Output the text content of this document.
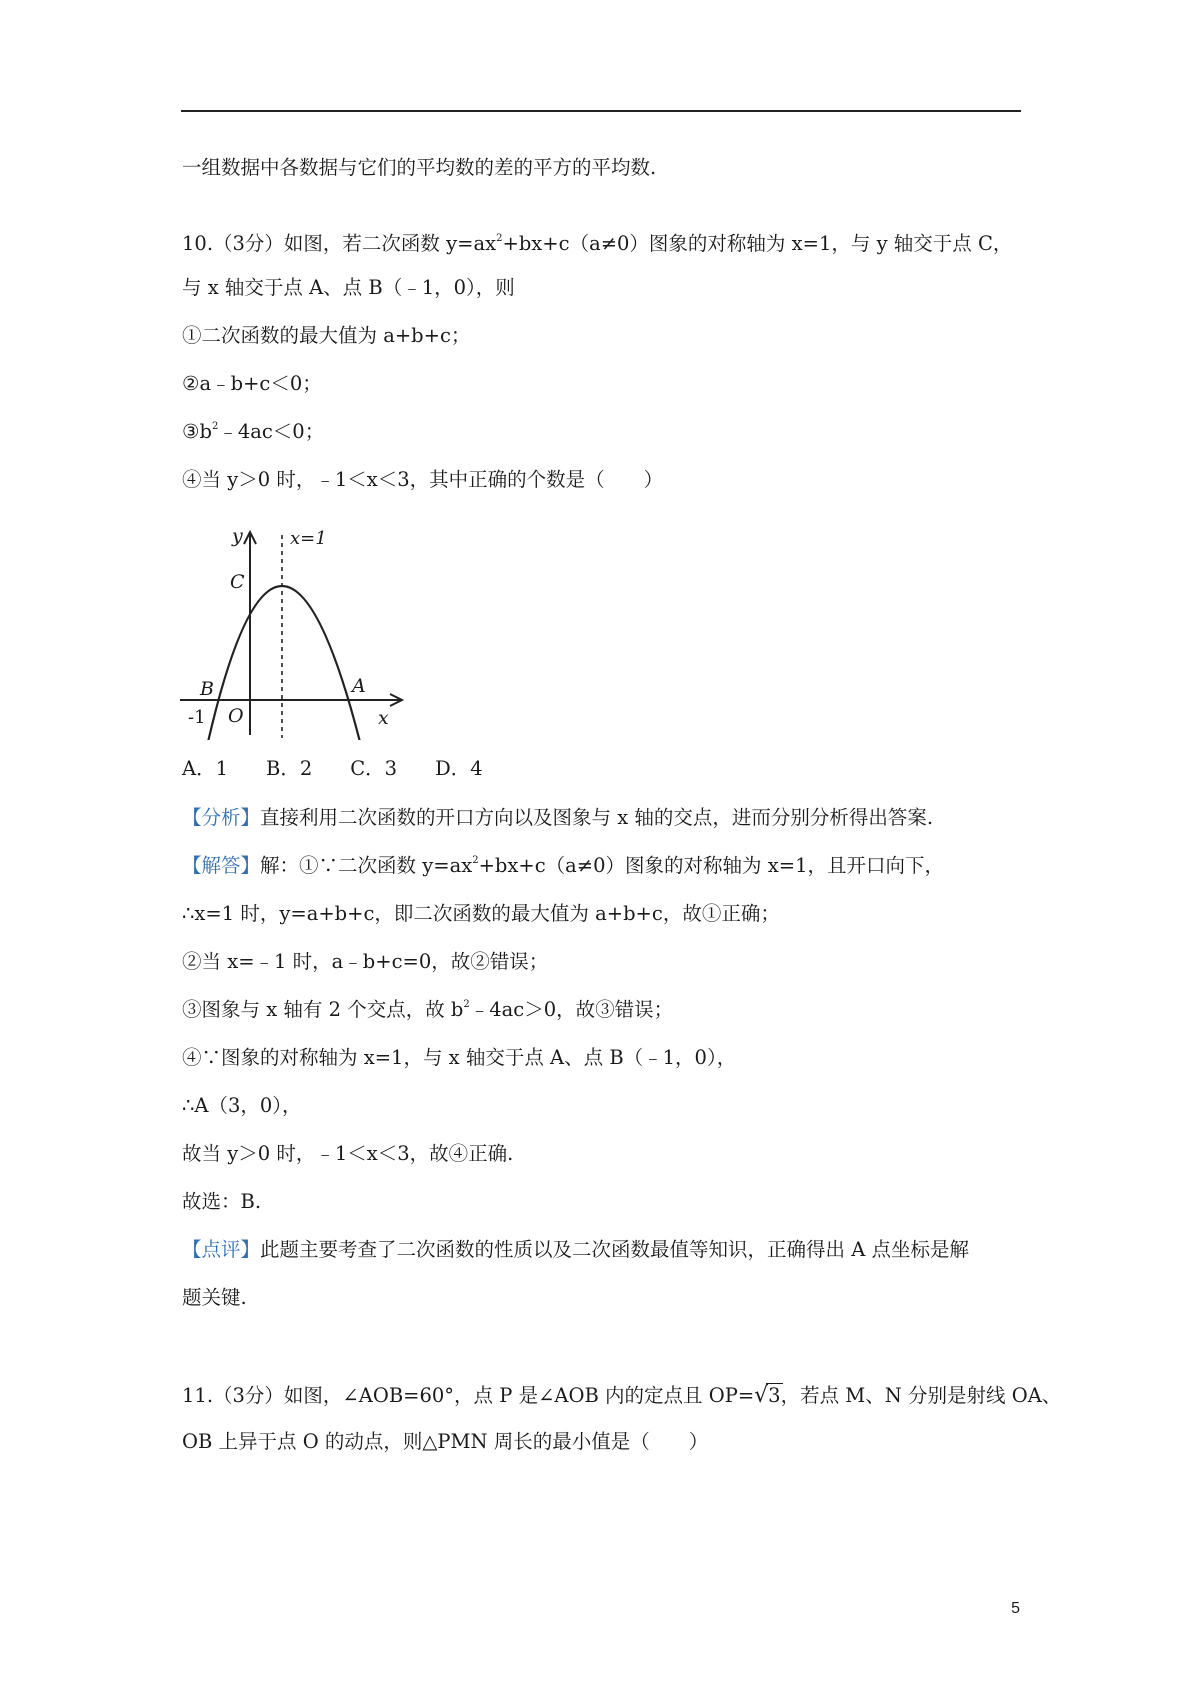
一组数据中各数据与它们的平均数的差的平方的平均数.
10.（3分）如图，若二次函数 $y=ax^2+bx+c(a\ne 0)$图象的对称轴为 x=1，与 y 轴交于点 C，
与 x 轴交于点 A、点 B（﹣1，0），则
①二次函数的最大值为 a+b+c；
②a﹣b+c＜0；
$③b^2﹣4ac<0$；
④当 y＞0 时，﹣1＜x＜3，其中正确的个数是（　　）
y	x=1
C
B	A
O	x
-1
A．1 B．2 C．3 D．4
【分析】直接利用二次函数的开口方向以及图象与 x 轴的交点，进而分别分析得出答案.
【解答】解：①∵二次函数 $y=ax^2+bx+c(a\ne 0)$图象的对称轴为 x=1，且开口向下，
∴x=1 时，y=a+b+c，即二次函数的最大值为 a+b+c，故①正确；
②当 x=﹣1 时，a﹣b+c=0，故②错误；
③图象与 x 轴有 2 个交点，故 $b^2﹣4ac>0$，故③错误；
④∵图象的对称轴为 x=1，与 x 轴交于点 A、点 B（﹣1，0），
∴A（3，0），
故当 y＞0 时，﹣1＜x＜3，故④正确.
故选：B.
【点评】此题主要考查了二次函数的性质以及二次函数最值等知识，正确得出 A 点坐标是解
题关键.
11.（3分）如图，∠AOB=60°，点 P 是∠AOB 内的定点且 OP= √ 3，若点 M、N 分别是射线 OA、
OB 上异于点 O 的动点，则△PMN 周长的最小值是（　　）
5
